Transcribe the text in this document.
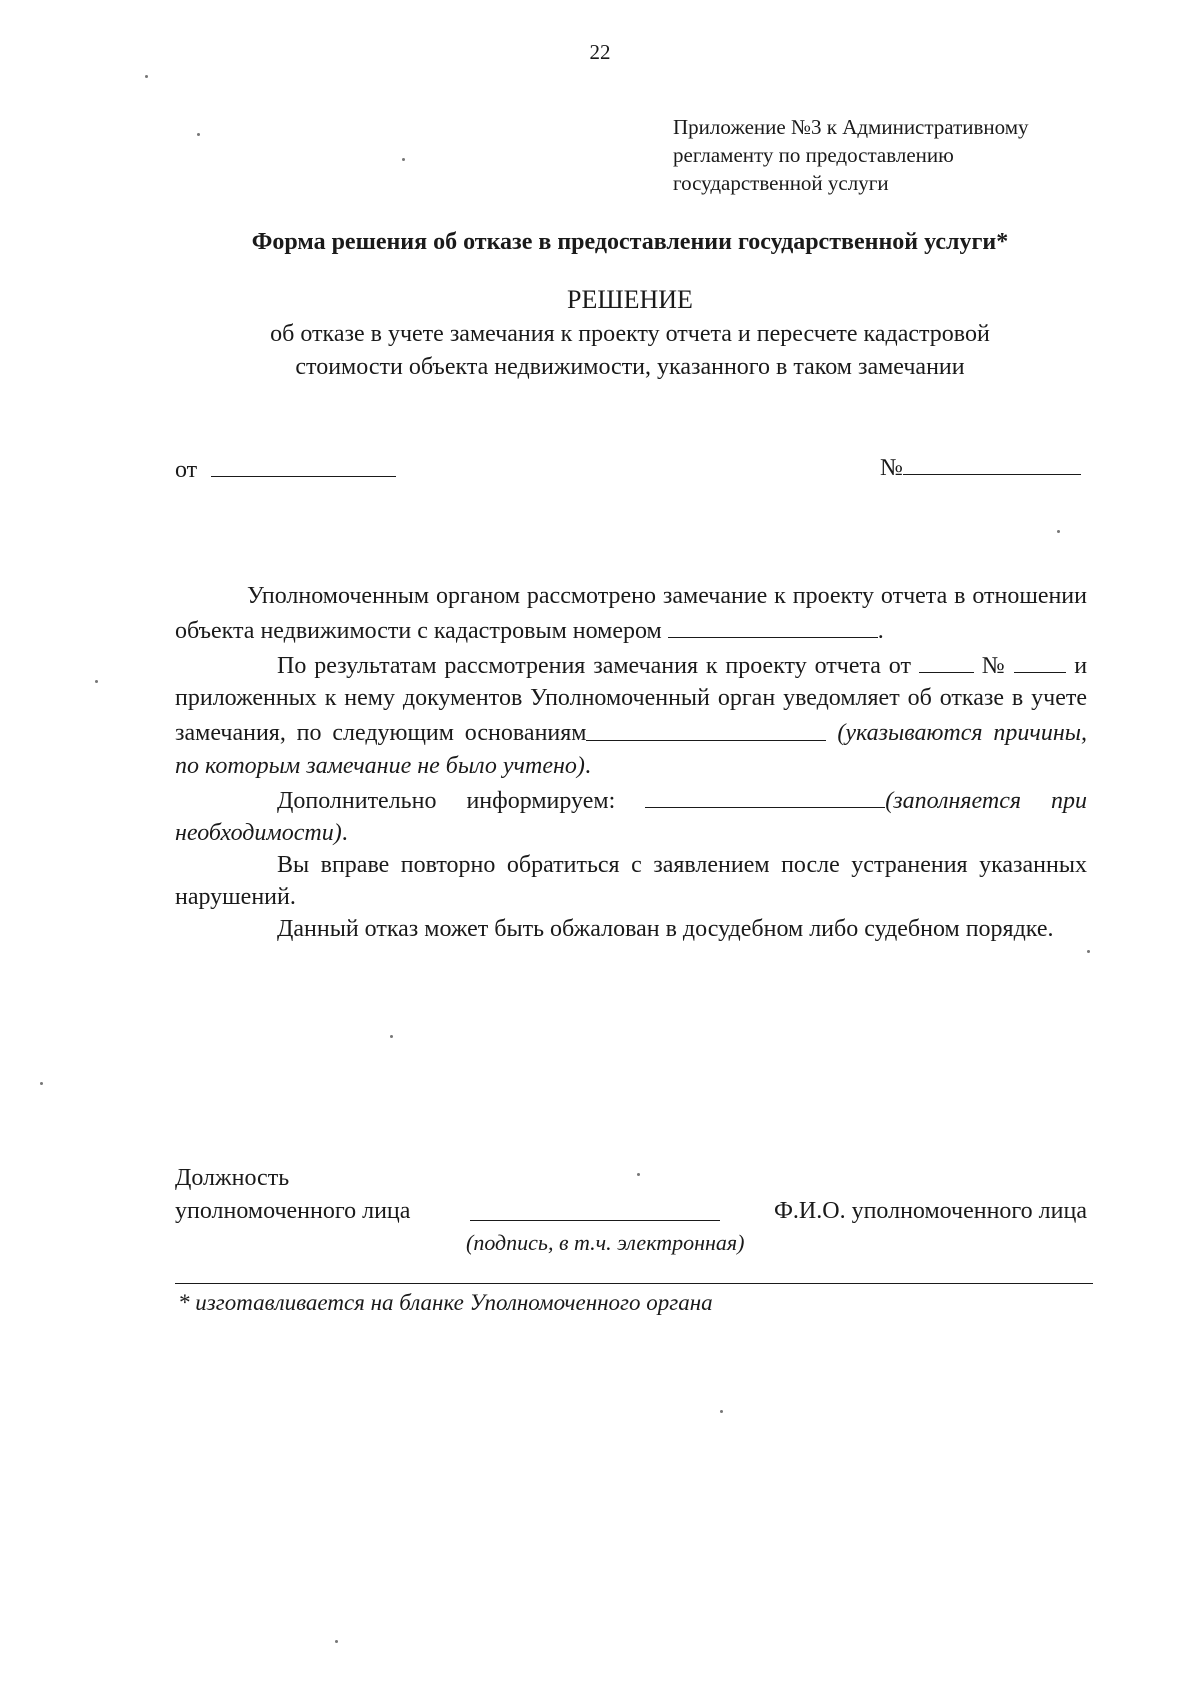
22
Приложение №3 к Административному
регламенту по предоставлению
государственной услуги
Форма решения об отказе в предоставлении государственной услуги*
РЕШЕНИЕ
об отказе в учете замечания к проекту отчета и пересчете кадастровой
стоимости объекта недвижимости, указанного в таком замечании
от	№

Уполномоченным органом рассмотрено замечание к проекту отчета в отношении объекта недвижимости с кадастровым номером	.

По результатам рассмотрения замечания к проекту отчета от	№	и приложенных к нему документов Уполномоченный орган уведомляет об отказе в учете замечания, по следующим основаниям	(указываются причины, по которым замечание не было учтено).

Дополнительно информируем:	(заполняется при необходимости).

Вы вправе повторно обратиться с заявлением после устранения указанных нарушений.

Данный отказ может быть обжалован в досудебном либо судебном порядке.

Должность
уполномоченного лица	Ф.И.О. уполномоченного лица
(подпись, в т.ч. электронная)
* изготавливается на бланке Уполномоченного органа
